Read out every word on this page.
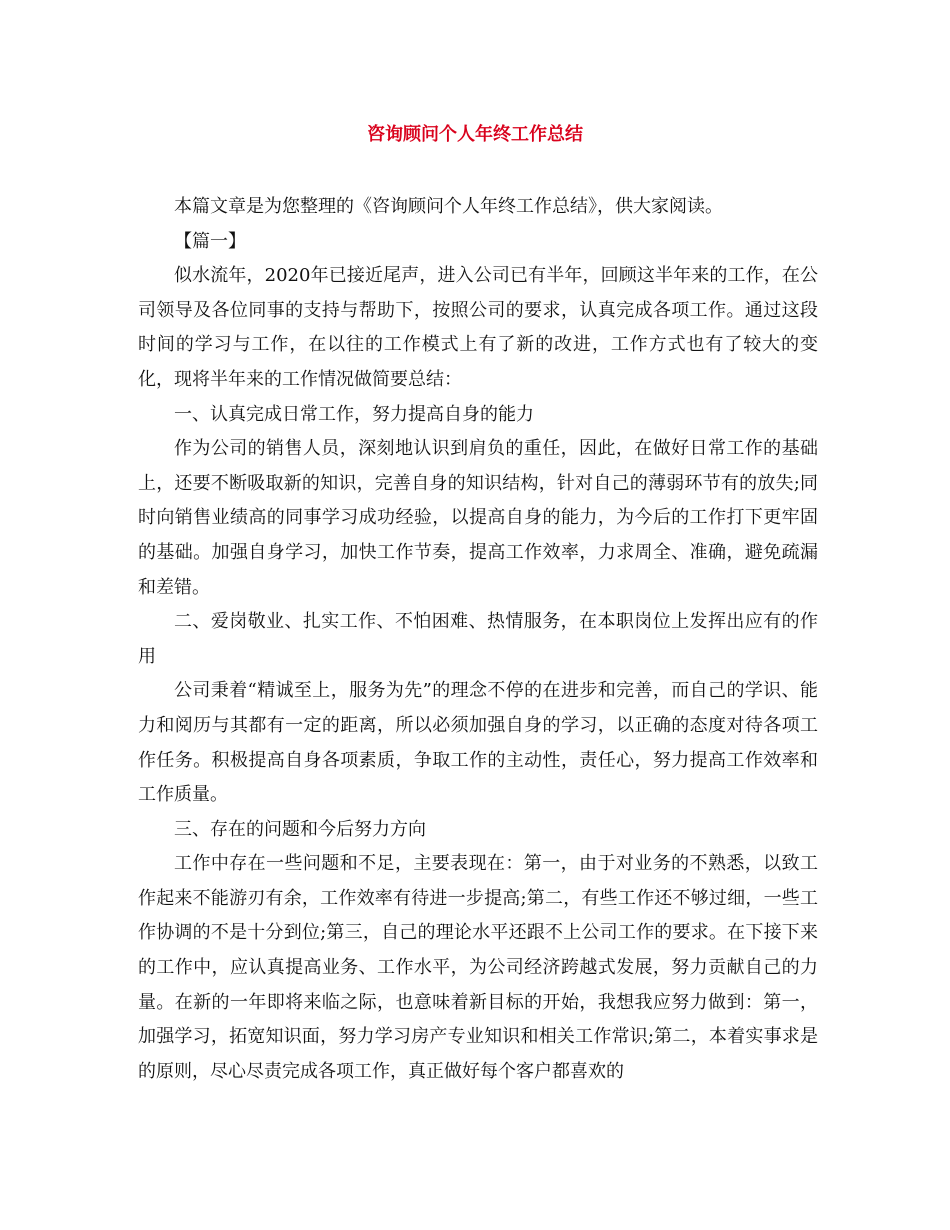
咨询顾问个人年终工作总结

本篇文章是为您整理的《咨询顾问个人年终工作总结》，供大家阅读。

【篇一】

似水流年，2020年已接近尾声，进入公司已有半年，回顾这半年来的工作，在公司领导及各位同事的支持与帮助下，按照公司的要求，认真完成各项工作。通过这段时间的学习与工作，在以往的工作模式上有了新的改进，工作方式也有了较大的变化，现将半年来的工作情况做简要总结：

一、认真完成日常工作，努力提高自身的能力

作为公司的销售人员，深刻地认识到肩负的重任，因此，在做好日常工作的基础上，还要不断吸取新的知识，完善自身的知识结构，针对自己的薄弱环节有的放失;同时向销售业绩高的同事学习成功经验，以提高自身的能力，为今后的工作打下更牢固的基础。加强自身学习，加快工作节奏，提高工作效率，力求周全、准确，避免疏漏和差错。

二、爱岗敬业、扎实工作、不怕困难、热情服务，在本职岗位上发挥出应有的作用

公司秉着“精诚至上，服务为先”的理念不停的在进步和完善，而自己的学识、能力和阅历与其都有一定的距离，所以必须加强自身的学习，以正确的态度对待各项工作任务。积极提高自身各项素质，争取工作的主动性，责任心，努力提高工作效率和工作质量。

三、存在的问题和今后努力方向

工作中存在一些问题和不足，主要表现在：第一，由于对业务的不熟悉，以致工作起来不能游刃有余，工作效率有待进一步提高;第二，有些工作还不够过细，一些工作协调的不是十分到位;第三，自己的理论水平还跟不上公司工作的要求。在下接下来的工作中，应认真提高业务、工作水平，为公司经济跨越式发展，努力贡献自己的力量。在新的一年即将来临之际，也意味着新目标的开始，我想我应努力做到：第一，加强学习，拓宽知识面，努力学习房产专业知识和相关工作常识;第二，本着实事求是的原则，尽心尽责完成各项工作，真正做好每个客户都喜欢的
